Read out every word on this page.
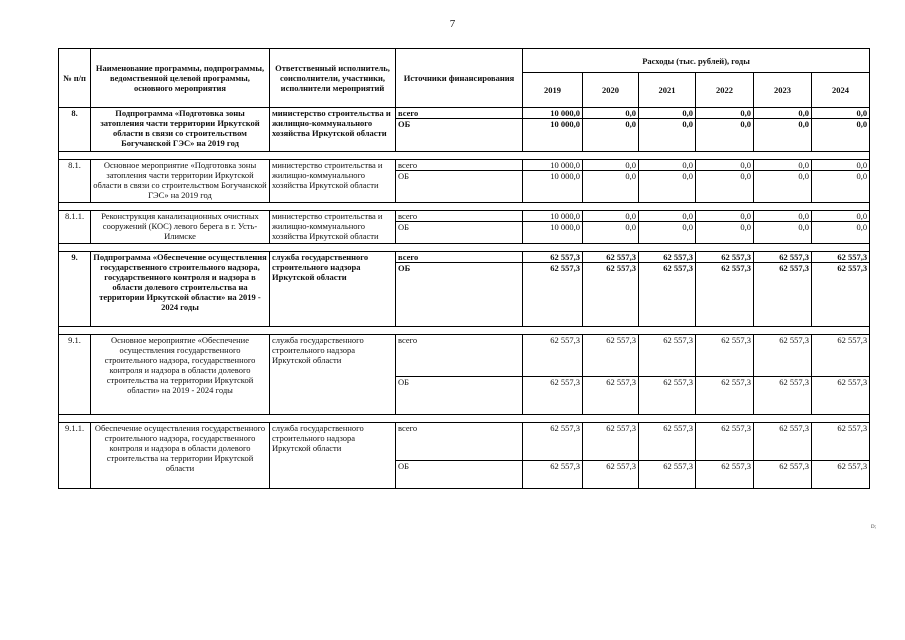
7
№ п/п	Наименование программы, подпрограммы, ведомственной целевой программы, основного мероприятия	Ответственный исполнитель, соисполнители, участники, исполнители мероприятий	Источники финансирования	Расходы (тыс. рублей), годы					
				2019	2020	2021	2022	2023	2024
8.	Подпрограмма «Подготовка зоны затопления части территории Иркутской области в связи со строительством Богучанской ГЭС» на 2019 год	министерство строительства и жилищно-коммунального хозяйства Иркутской области	всего	10 000,0	0,0	0,0	0,0	0,0	0,0
			ОБ	10 000,0	0,0	0,0	0,0	0,0	0,0

8.1.	Основное мероприятие «Подготовка зоны затопления части территории Иркутской области в связи со строительством Богучанской ГЭС» на 2019 год	министерство строительства и жилищно-коммунального хозяйства Иркутской области	всего	10 000,0	0,0	0,0	0,0	0,0	0,0
			ОБ	10 000,0	0,0	0,0	0,0	0,0	0,0

8.1.1.	Реконструкция канализационных очистных сооружений (КОС) левого берега в г. Усть-Илимске	министерство строительства и жилищно-коммунального хозяйства Иркутской области	всего	10 000,0	0,0	0,0	0,0	0,0	0,0
			ОБ	10 000,0	0,0	0,0	0,0	0,0	0,0

9.	Подпрограмма «Обеспечение осуществления государственного строительного надзора, государственного контроля и надзора в области долевого строительства на территории Иркутской области» на 2019 - 2024 годы	служба государственного строительного надзора Иркутской области	всего	62 557,3	62 557,3	62 557,3	62 557,3	62 557,3	62 557,3
			ОБ	62 557,3	62 557,3	62 557,3	62 557,3	62 557,3	62 557,3

9.1.	Основное мероприятие «Обеспечение осуществления государственного строительного надзора, государственного контроля и надзора в области долевого строительства на территории Иркутской области» на 2019 - 2024 годы	служба государственного строительного надзора Иркутской области	всего	62 557,3	62 557,3	62 557,3	62 557,3	62 557,3	62 557,3
			ОБ	62 557,3	62 557,3	62 557,3	62 557,3	62 557,3	62 557,3

9.1.1.	Обеспечение осуществления государственного строительного надзора, государственного контроля и надзора в области долевого строительства на территории Иркутской области	служба государственного строительного надзора Иркутской области	всего	62 557,3	62 557,3	62 557,3	62 557,3	62 557,3	62 557,3
			ОБ	62 557,3	62 557,3	62 557,3	62 557,3	62 557,3	62 557,3
D;
